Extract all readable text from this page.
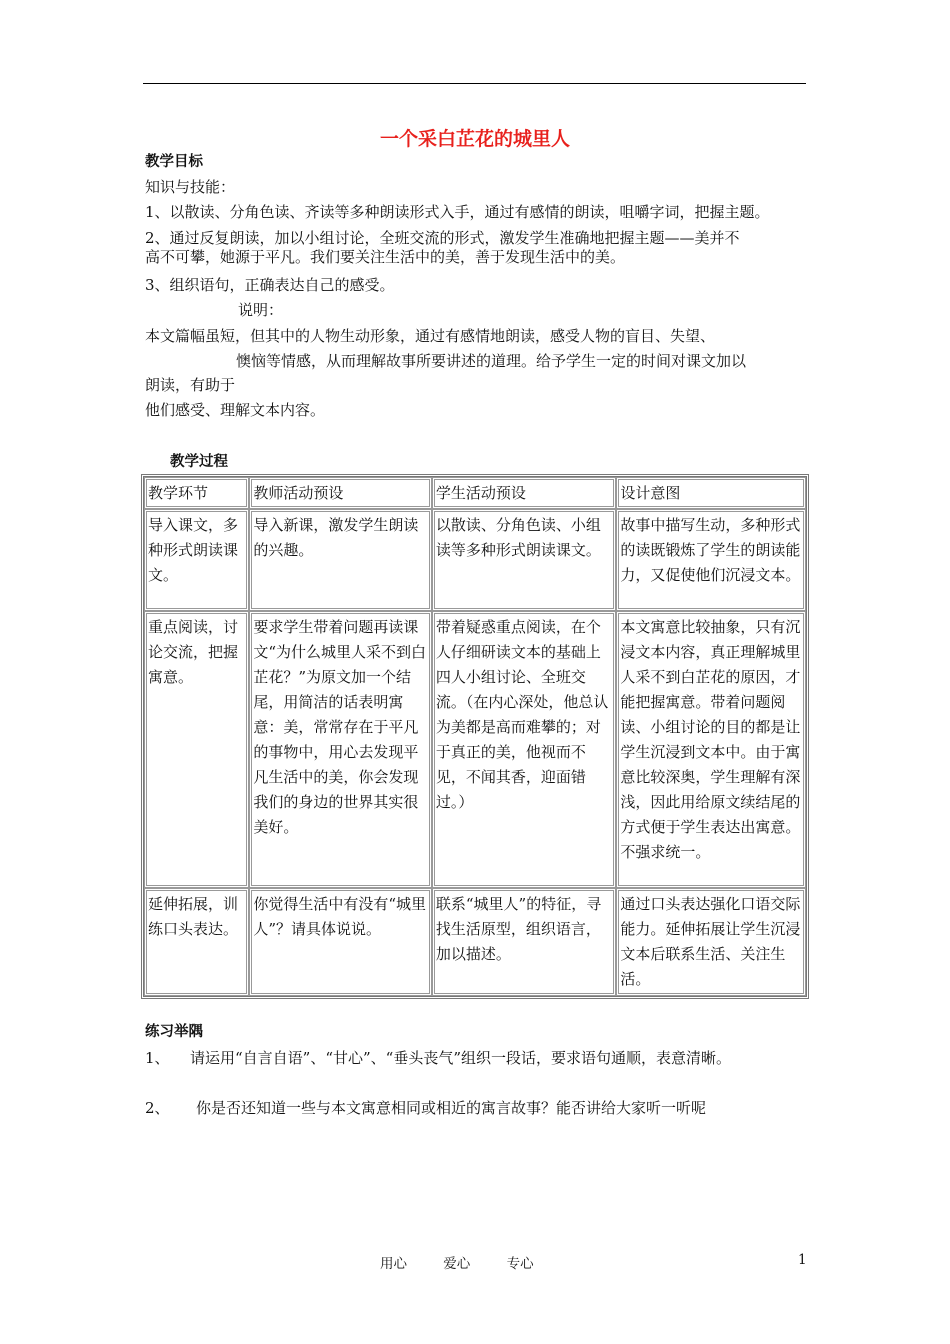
一个采白芷花的城里人
教学目标
知识与技能：
1、以散读、分角色读、齐读等多种朗读形式入手，通过有感情的朗读，咀嚼字词，把握主题。
2、通过反复朗读，加以小组讨论，全班交流的形式，激发学生准确地把握主题——美并不
高不可攀，她源于平凡。我们要关注生活中的美，善于发现生活中的美。
3、组织语句，正确表达自己的感受。
说明：
本文篇幅虽短，但其中的人物生动形象，通过有感情地朗读，感受人物的盲目、失望、
懊恼等情感，从而理解故事所要讲述的道理。给予学生一定的时间对课文加以
朗读，有助于
他们感受、理解文本内容。
教学过程
教学环节	教师活动预设	学生活动预设	设计意图
导入课文，多种形式朗读课文。	导入新课，激发学生朗读的兴趣。	以散读、分角色读、小组读等多种形式朗读课文。	故事中描写生动，多种形式的读既锻炼了学生的朗读能力，又促使他们沉浸文本。
重点阅读，讨论交流，把握寓意。	要求学生带着问题再读课文“为什么城里人采不到白芷花？”为原文加一个结尾，用简洁的话表明寓意：美，常常存在于平凡的事物中，用心去发现平凡生活中的美，你会发现我们的身边的世界其实很美好。	带着疑惑重点阅读，在个人仔细研读文本的基础上四人小组讨论、全班交流。（在内心深处，他总认为美都是高而难攀的；对于真正的美，他视而不见，不闻其香，迎面错过。）	本文寓意比较抽象，只有沉浸文本内容，真正理解城里人采不到白芷花的原因，才能把握寓意。带着问题阅读、小组讨论的目的都是让学生沉浸到文本中。由于寓意比较深奥，学生理解有深浅，因此用给原文续结尾的方式便于学生表达出寓意。不强求统一。
延伸拓展，训练口头表达。	你觉得生活中有没有“城里人”？请具体说说。	联系“城里人”的特征，寻找生活原型，组织语言，加以描述。	通过口头表达强化口语交际能力。延伸拓展让学生沉浸文本后联系生活、关注生活。
练习举隅
1、 请运用“自言自语”、“甘心”、“垂头丧气”组织一段话，要求语句通顺，表意清晰。
2、 你是否还知道一些与本文寓意相同或相近的寓言故事？能否讲给大家听一听呢
用心	爱心	专心	1
